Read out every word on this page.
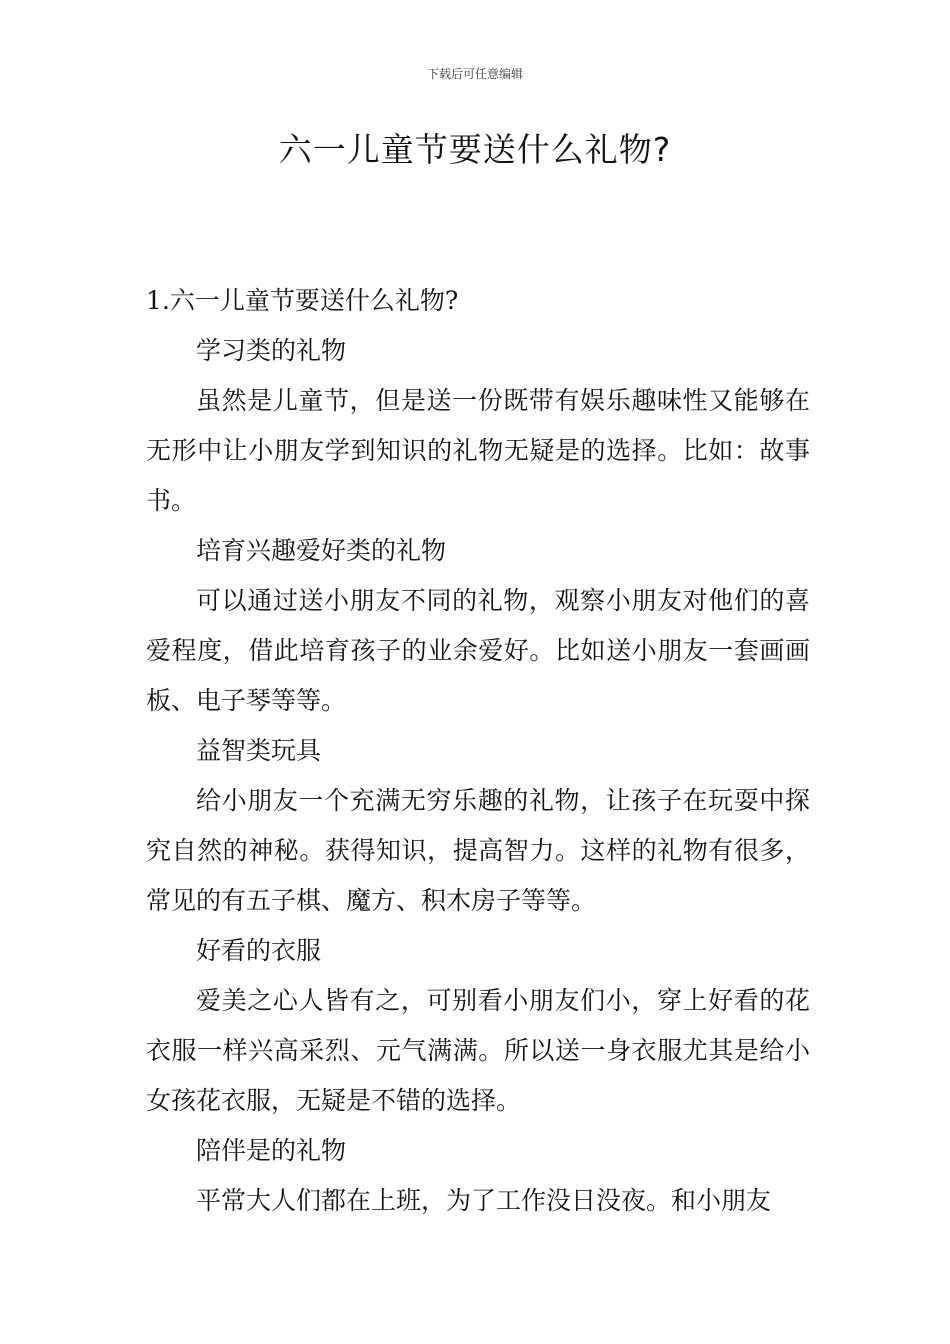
下载后可任意编辑
六一儿童节要送什么礼物?

1.六一儿童节要送什么礼物?

学习类的礼物

虽然是儿童节，但是送一份既带有娱乐趣味性又能够在无形中让小朋友学到知识的礼物无疑是的选择。比如：故事书。

培育兴趣爱好类的礼物

可以通过送小朋友不同的礼物，观察小朋友对他们的喜爱程度，借此培育孩子的业余爱好。比如送小朋友一套画画板、电子琴等等。

益智类玩具

给小朋友一个充满无穷乐趣的礼物，让孩子在玩耍中探究自然的神秘。获得知识，提高智力。这样的礼物有很多，常见的有五子棋、魔方、积木房子等等。

好看的衣服

爱美之心人皆有之，可别看小朋友们小，穿上好看的花衣服一样兴高采烈、元气满满。所以送一身衣服尤其是给小女孩花衣服，无疑是不错的选择。

陪伴是的礼物

平常大人们都在上班，为了工作没日没夜。和小朋友
